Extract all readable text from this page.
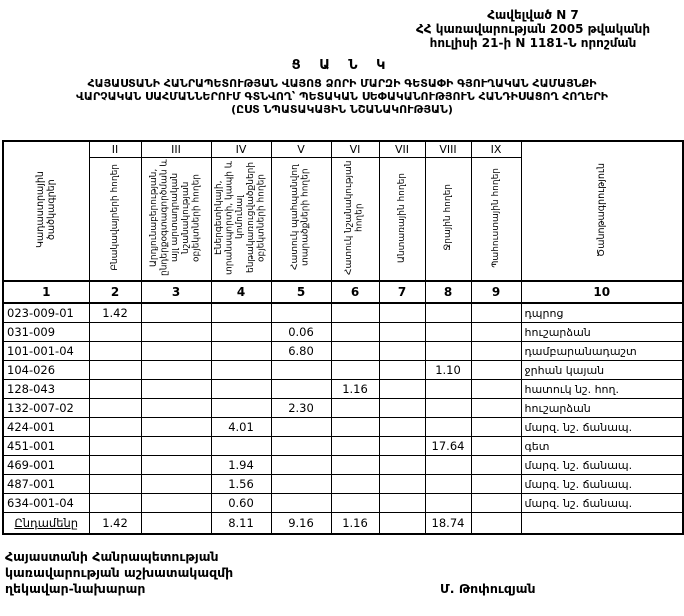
Հավելված N 7
ՀՀ կառավարության 2005 թվականի
հուլիսի 21-ի N 1181-Ն որոշման
Ց Ա Ն Կ
ՀԱՅԱՍՏԱՆԻ ՀԱՆՐԱՊԵՏՈՒԹՅԱՆ ՎԱՅՈՑ ՁՈՐԻ ՄԱՐԶԻ ԳԵՏԱՓԻ ԳՅՈՒՂԱԿԱՆ ՀԱՄԱՅՆՔԻ
ՎԱՐՉԱԿԱՆ ՍԱՀՄԱՆՆԵՐՈՒՄ ԳՏՆՎՈՂ՝ ՊԵՏԱԿԱՆ ՍԵՓԱԿԱՆՈՒԹՅՈՒՆ ՀԱՆԴԻՍԱՑՈՂ ՀՈՂԵՐԻ
(ԸՍՏ ՆՊԱՏԱԿԱՅԻՆ ՆՇԱՆԱԿՈՒԹՅԱՆ)
Կադաստրային ծածկագրեր	II	III	IV	V	VI	VII	VIII	IX	Ծանոթագրություն
	Բնակավայրերի հողեր	Արդյունաբերության, ընդերքօգտագործման և այլ արտադրական նշանակության օբյեկտների հողեր	Էներգետիկայի, տրանսպորտի, կապի և կոմունալ ենթակառուցվածքների օբյեկտների հողեր	Հատուկ պահպանվող տարածքների հողեր	Հատուկ նշանակության հողեր	Անտառային հողեր	Ջրային հողեր	Պահուստային հողեր	
1	2	3	4	5	6	7	8	9	10
023-009-01	1.42								դպրոց
031-009				0.06					հուշարձան
101-001-04				6.80					դամբարանադաշտ
104-026							1.10		ջրհան կայան
128-043					1.16				հատուկ նշ. հող.
132-007-02				2.30					հուշարձան
424-001			4.01						մարզ. նշ. ճանապ.
451-001							17.64		գետ
469-001			1.94						մարզ. նշ. ճանապ.
487-001			1.56						մարզ. նշ. ճանապ.
634-001-04			0.60						մարզ. նշ. ճանապ.
Ընդամենը	1.42		8.11	9.16	1.16		18.74		
Հայաստանի Հանրապետության
կառավարության աշխատակազմի
ղեկավար-նախարար	Մ. Թոփուզյան
